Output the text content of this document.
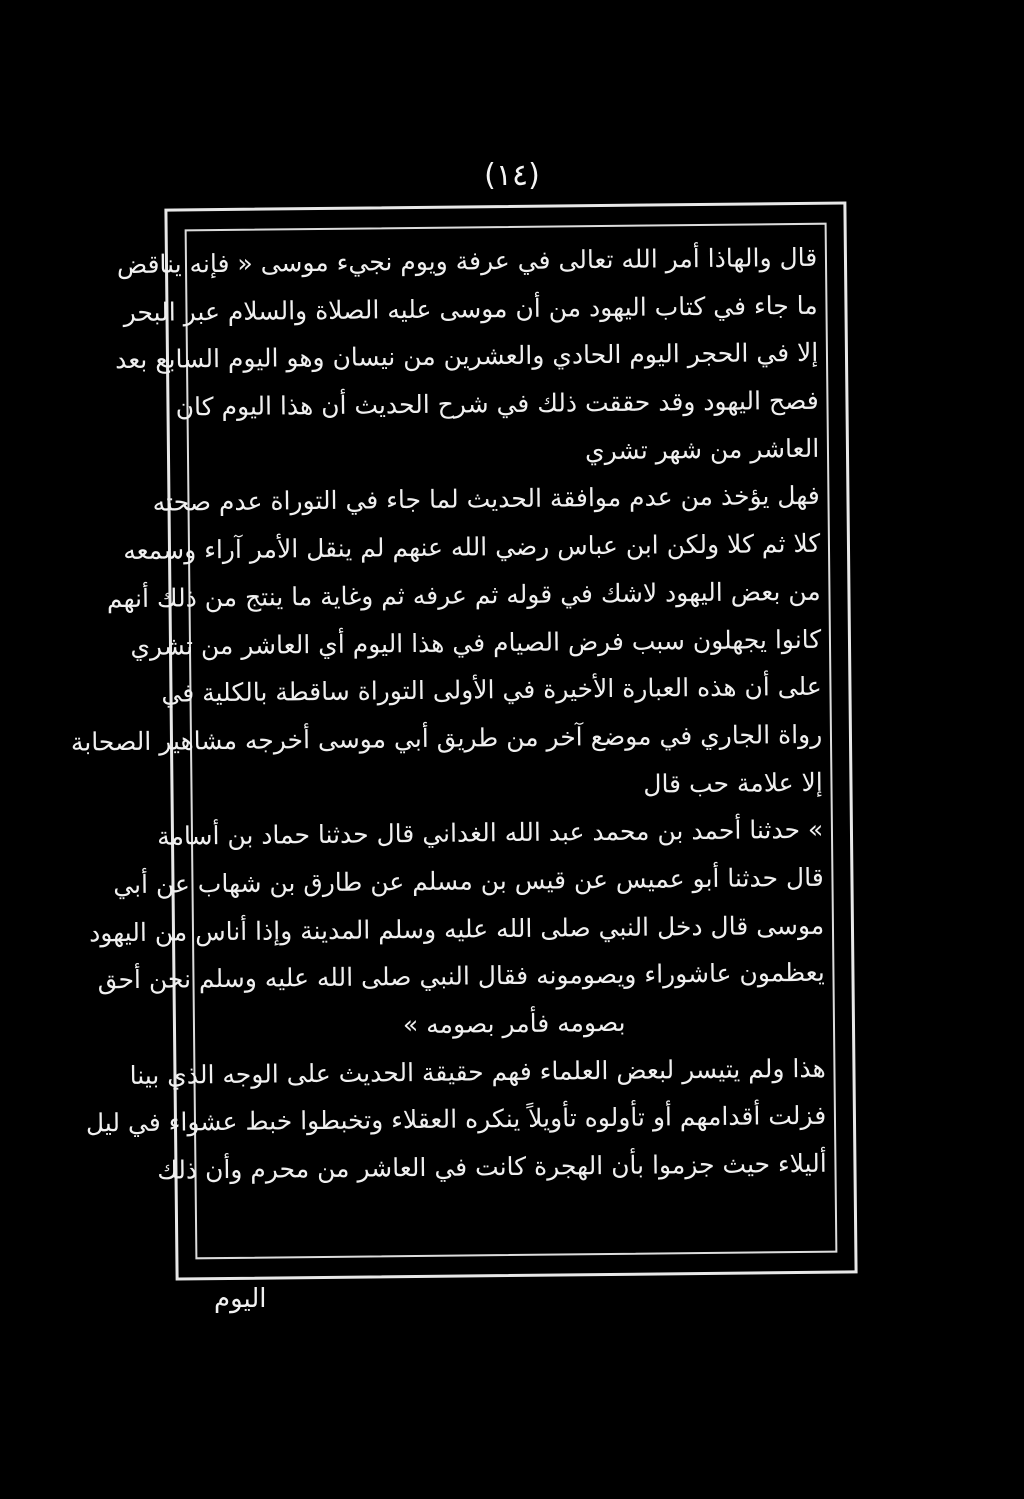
(١٤)
قال والهاذا أمر الله تعالى في عرفة ويوم نجيء موسى « فإنه يناقض
ما جاء في كتاب اليهود من أن موسى عليه الصلاة والسلام عبر البحر
إلا في الحجر اليوم الحادي والعشرين من نيسان وهو اليوم السابع بعد
فصح اليهود وقد حققت ذلك في شرح الحديث أن هذا اليوم كان
العاشر من شهر تشري
فهل يؤخذ من عدم موافقة الحديث لما جاء في التوراة عدم صحته
كلا ثم كلا ولكن ابن عباس رضي الله عنهم لم ينقل الأمر آراء وسمعه
من بعض اليهود لاشك في قوله ثم عرفه ثم وغاية ما ينتج من ذلك أنهم
كانوا يجهلون سبب فرض الصيام في هذا اليوم أي العاشر من تشري
على أن هذه العبارة الأخيرة في الأولى التوراة ساقطة بالكلية في
رواة الجاري في موضع آخر من طريق أبي موسى أخرجه مشاهير الصحابة
إلا علامة حب قال
» حدثنا أحمد بن محمد عبد الله الغداني قال حدثنا حماد بن أسامة
قال حدثنا أبو عميس عن قيس بن مسلم عن طارق بن شهاب عن أبي
موسى قال دخل النبي صلى الله عليه وسلم المدينة وإذا أناس من اليهود
يعظمون عاشوراء ويصومونه فقال النبي صلى الله عليه وسلم نحن أحق
بصومه فأمر بصومه »
هذا ولم يتيسر لبعض العلماء فهم حقيقة الحديث على الوجه الذي بينا
فزلت أقدامهم أو تأولوه تأويلاً ينكره العقلاء وتخبطوا خبط عشواء في ليل
أليلاء حيث جزموا بأن الهجرة كانت في العاشر من محرم وأن ذلك
اليوم
